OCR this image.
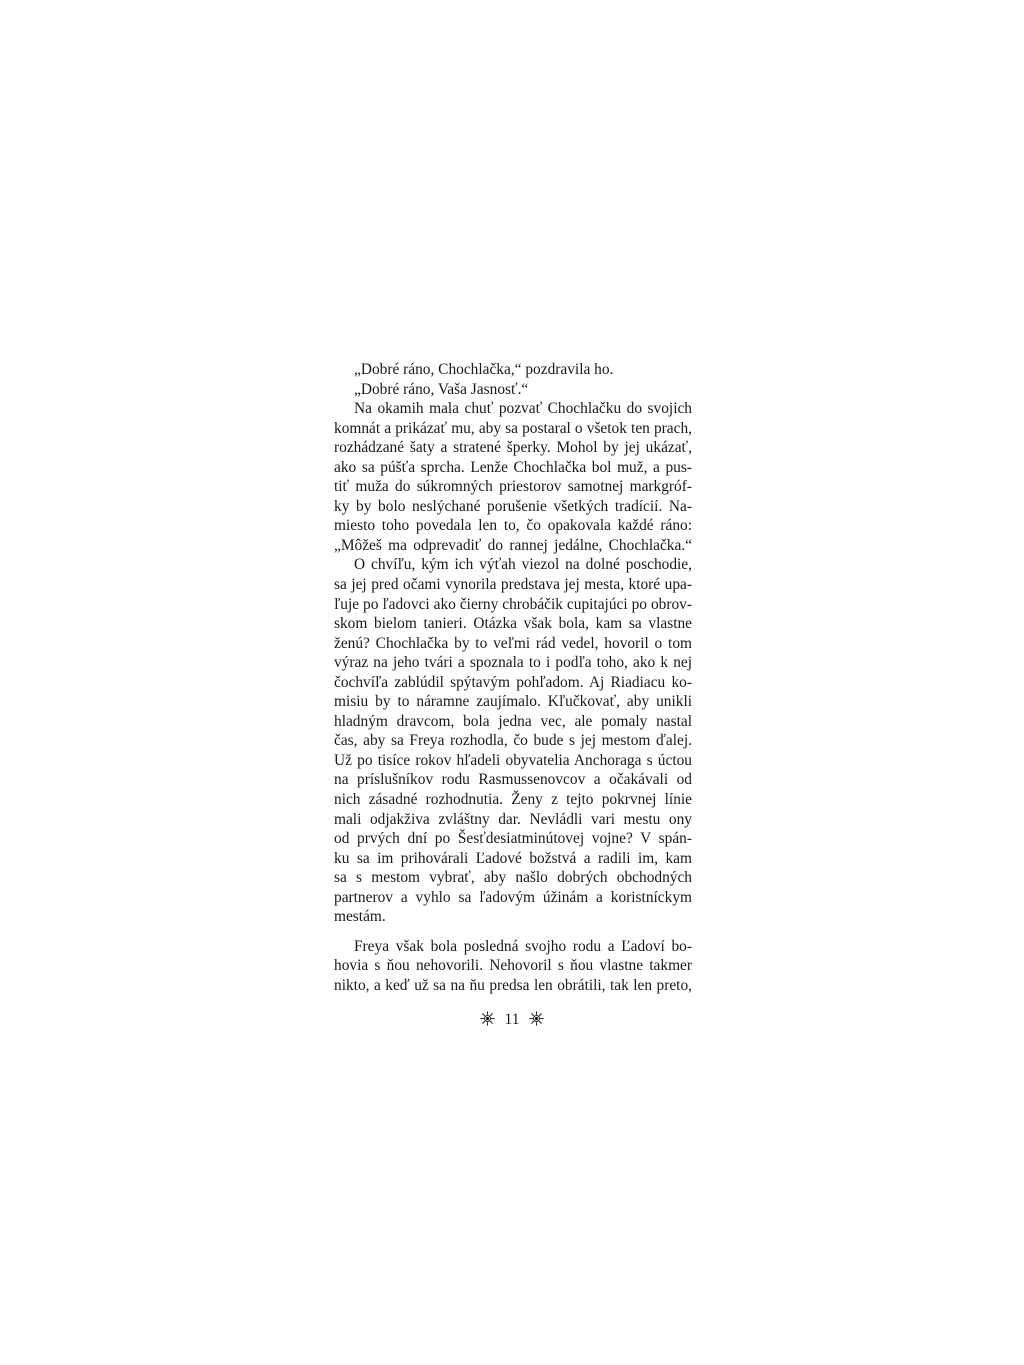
„Dobré ráno, Chochlačka,“ pozdravila ho.
„Dobré ráno, Vaša Jasnosť.“
Na okamih mala chuť pozvať Chochlačku do svojich
komnát a prikázať mu, aby sa postaral o všetok ten prach,
rozhádzané šaty a stratené šperky. Mohol by jej ukázať,
ako sa púšťa sprcha. Lenže Chochlačka bol muž, a pus-
tiť muža do súkromných priestorov samotnej markgróf-
ky by bolo neslýchané porušenie všetkých tradícií. Na-
miesto toho povedala len to, čo opakovala každé ráno:
„Môžeš ma odprevadiť do rannej jedálne, Chochlačka.“
O chvíľu, kým ich výťah viezol na dolné poschodie,
sa jej pred očami vynorila predstava jej mesta, ktoré upa-
ľuje po ľadovci ako čierny chrobáčik cupitajúci po obrov-
skom bielom tanieri. Otázka však bola, kam sa vlastne
ženú? Chochlačka by to veľmi rád vedel, hovoril o tom
výraz na jeho tvári a spoznala to i podľa toho, ako k nej
čochvíľa zablúdil spýtavým pohľadom. Aj Riadiacu ko-
misiu by to náramne zaujímalo. Kľučkovať, aby unikli
hladným dravcom, bola jedna vec, ale pomaly nastal
čas, aby sa Freya rozhodla, čo bude s jej mestom ďalej.
Už po tisíce rokov hľadeli obyvatelia Anchoraga s úctou
na príslušníkov rodu Rasmussenovcov a očakávali od
nich zásadné rozhodnutia. Ženy z tejto pokrvnej línie
mali odjakživa zvláštny dar. Nevládli vari mestu ony
od prvých dní po Šesťdesiatminútovej vojne? V spán-
ku sa im prihovárali Ľadové božstvá a radili im, kam
sa s mestom vybrať, aby našlo dobrých obchodných
partnerov a vyhlo sa ľadovým úžinám a koristníckym
mestám.
Freya však bola posledná svojho rodu a Ľadoví bo-
hovia s ňou nehovorili. Nehovoril s ňou vlastne takmer
nikto, a keď už sa na ňu predsa len obrátili, tak len preto,
11
